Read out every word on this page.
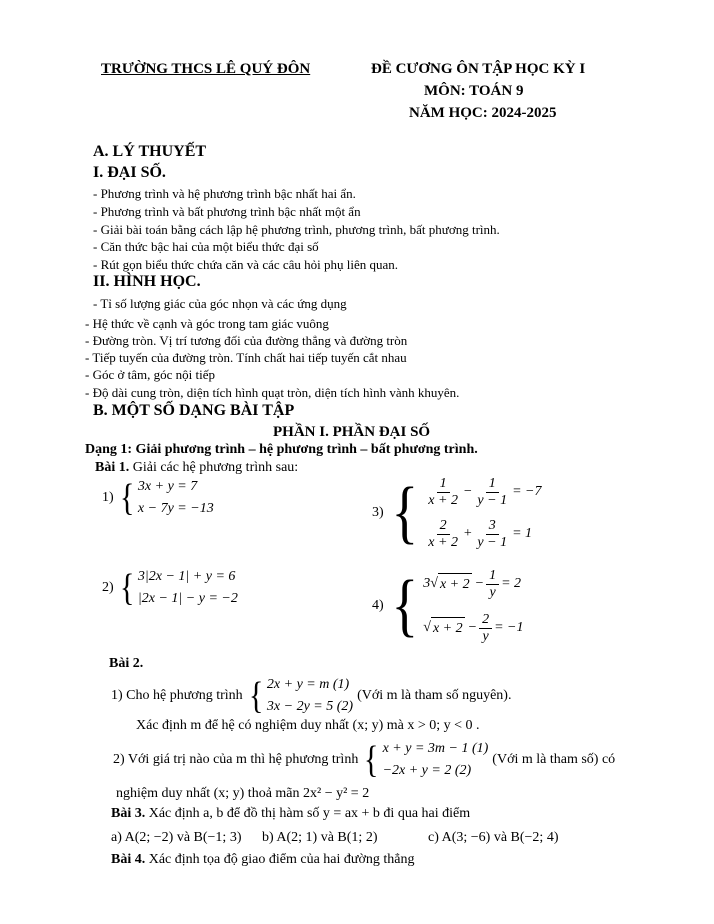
TRƯỜNG THCS LÊ QUÝ ĐÔN	ĐỀ CƯƠNG ÔN TẬP HỌC KỲ I
MÔN: TOÁN 9
NĂM HỌC: 2024-2025
A. LÝ THUYẾT
I. ĐẠI SỐ.
- Phương trình và hệ phương trình bậc nhất hai ẩn.
- Phương trình và bất phương trình bậc nhất một ẩn
- Giải bài toán bằng cách lập hệ phương trình, phương trình, bất phương trình.
- Căn thức bậc hai của một biểu thức đại số
- Rút gọn biểu thức chứa căn và các câu hỏi phụ liên quan.
II. HÌNH HỌC.
- Tỉ số lượng giác của góc nhọn và các ứng dụng
- Hệ thức về cạnh và góc trong tam giác vuông
- Đường tròn. Vị trí tương đối của đường thẳng và đường tròn
- Tiếp tuyến của đường tròn. Tính chất hai tiếp tuyến cắt nhau
- Góc ở tâm, góc nội tiếp
- Độ dài cung tròn, diện tích hình quạt tròn, diện tích hình vành khuyên.
B. MỘT SỐ DẠNG BÀI TẬP
PHẦN I. PHẦN ĐẠI SỐ
Dạng 1: Giải phương trình – hệ phương trình – bất phương trình.
Bài 1. Giải các hệ phương trình sau:
1) { 3x + y = 7
x − 7y = −13	3) { $\frac{1}{x + 2} - \frac{1}{y - 1} = -7$
$\frac{2}{x + 2} + \frac{3}{y - 1} = 1$
2) { 3|2x − 1| + y = 6
|2x − 1| − y = −2	4) { 3 √ $x + 2 - \frac{1}{y} = 2$
√ $x + 2 - \frac{2}{y} = -1$
Bài 2.
1) Cho hệ phương trình { 2x + y = m (1)
3x − 2y = 5 (2)
(Với m là tham số nguyên).
Xác định m để hệ có nghiệm duy nhất (x; y) mà x > 0; y < 0 .
2) Với giá trị nào của m thì hệ phương trình { x + y = 3m − 1 (1)
−2x + y = 2 (2)
(Với m là tham số) có
nghiệm duy nhất (x; y) thoả mãn 2x² − y² = 2
Bài 3. Xác định a, b để đồ thị hàm số y = ax + b đi qua hai điểm
a) A(2; −2) và B(−1; 3) b) A(2; 1) và B(1; 2)	c) A(3; −6) và B(−2; 4)
Bài 4. Xác định tọa độ giao điểm của hai đường thẳng
